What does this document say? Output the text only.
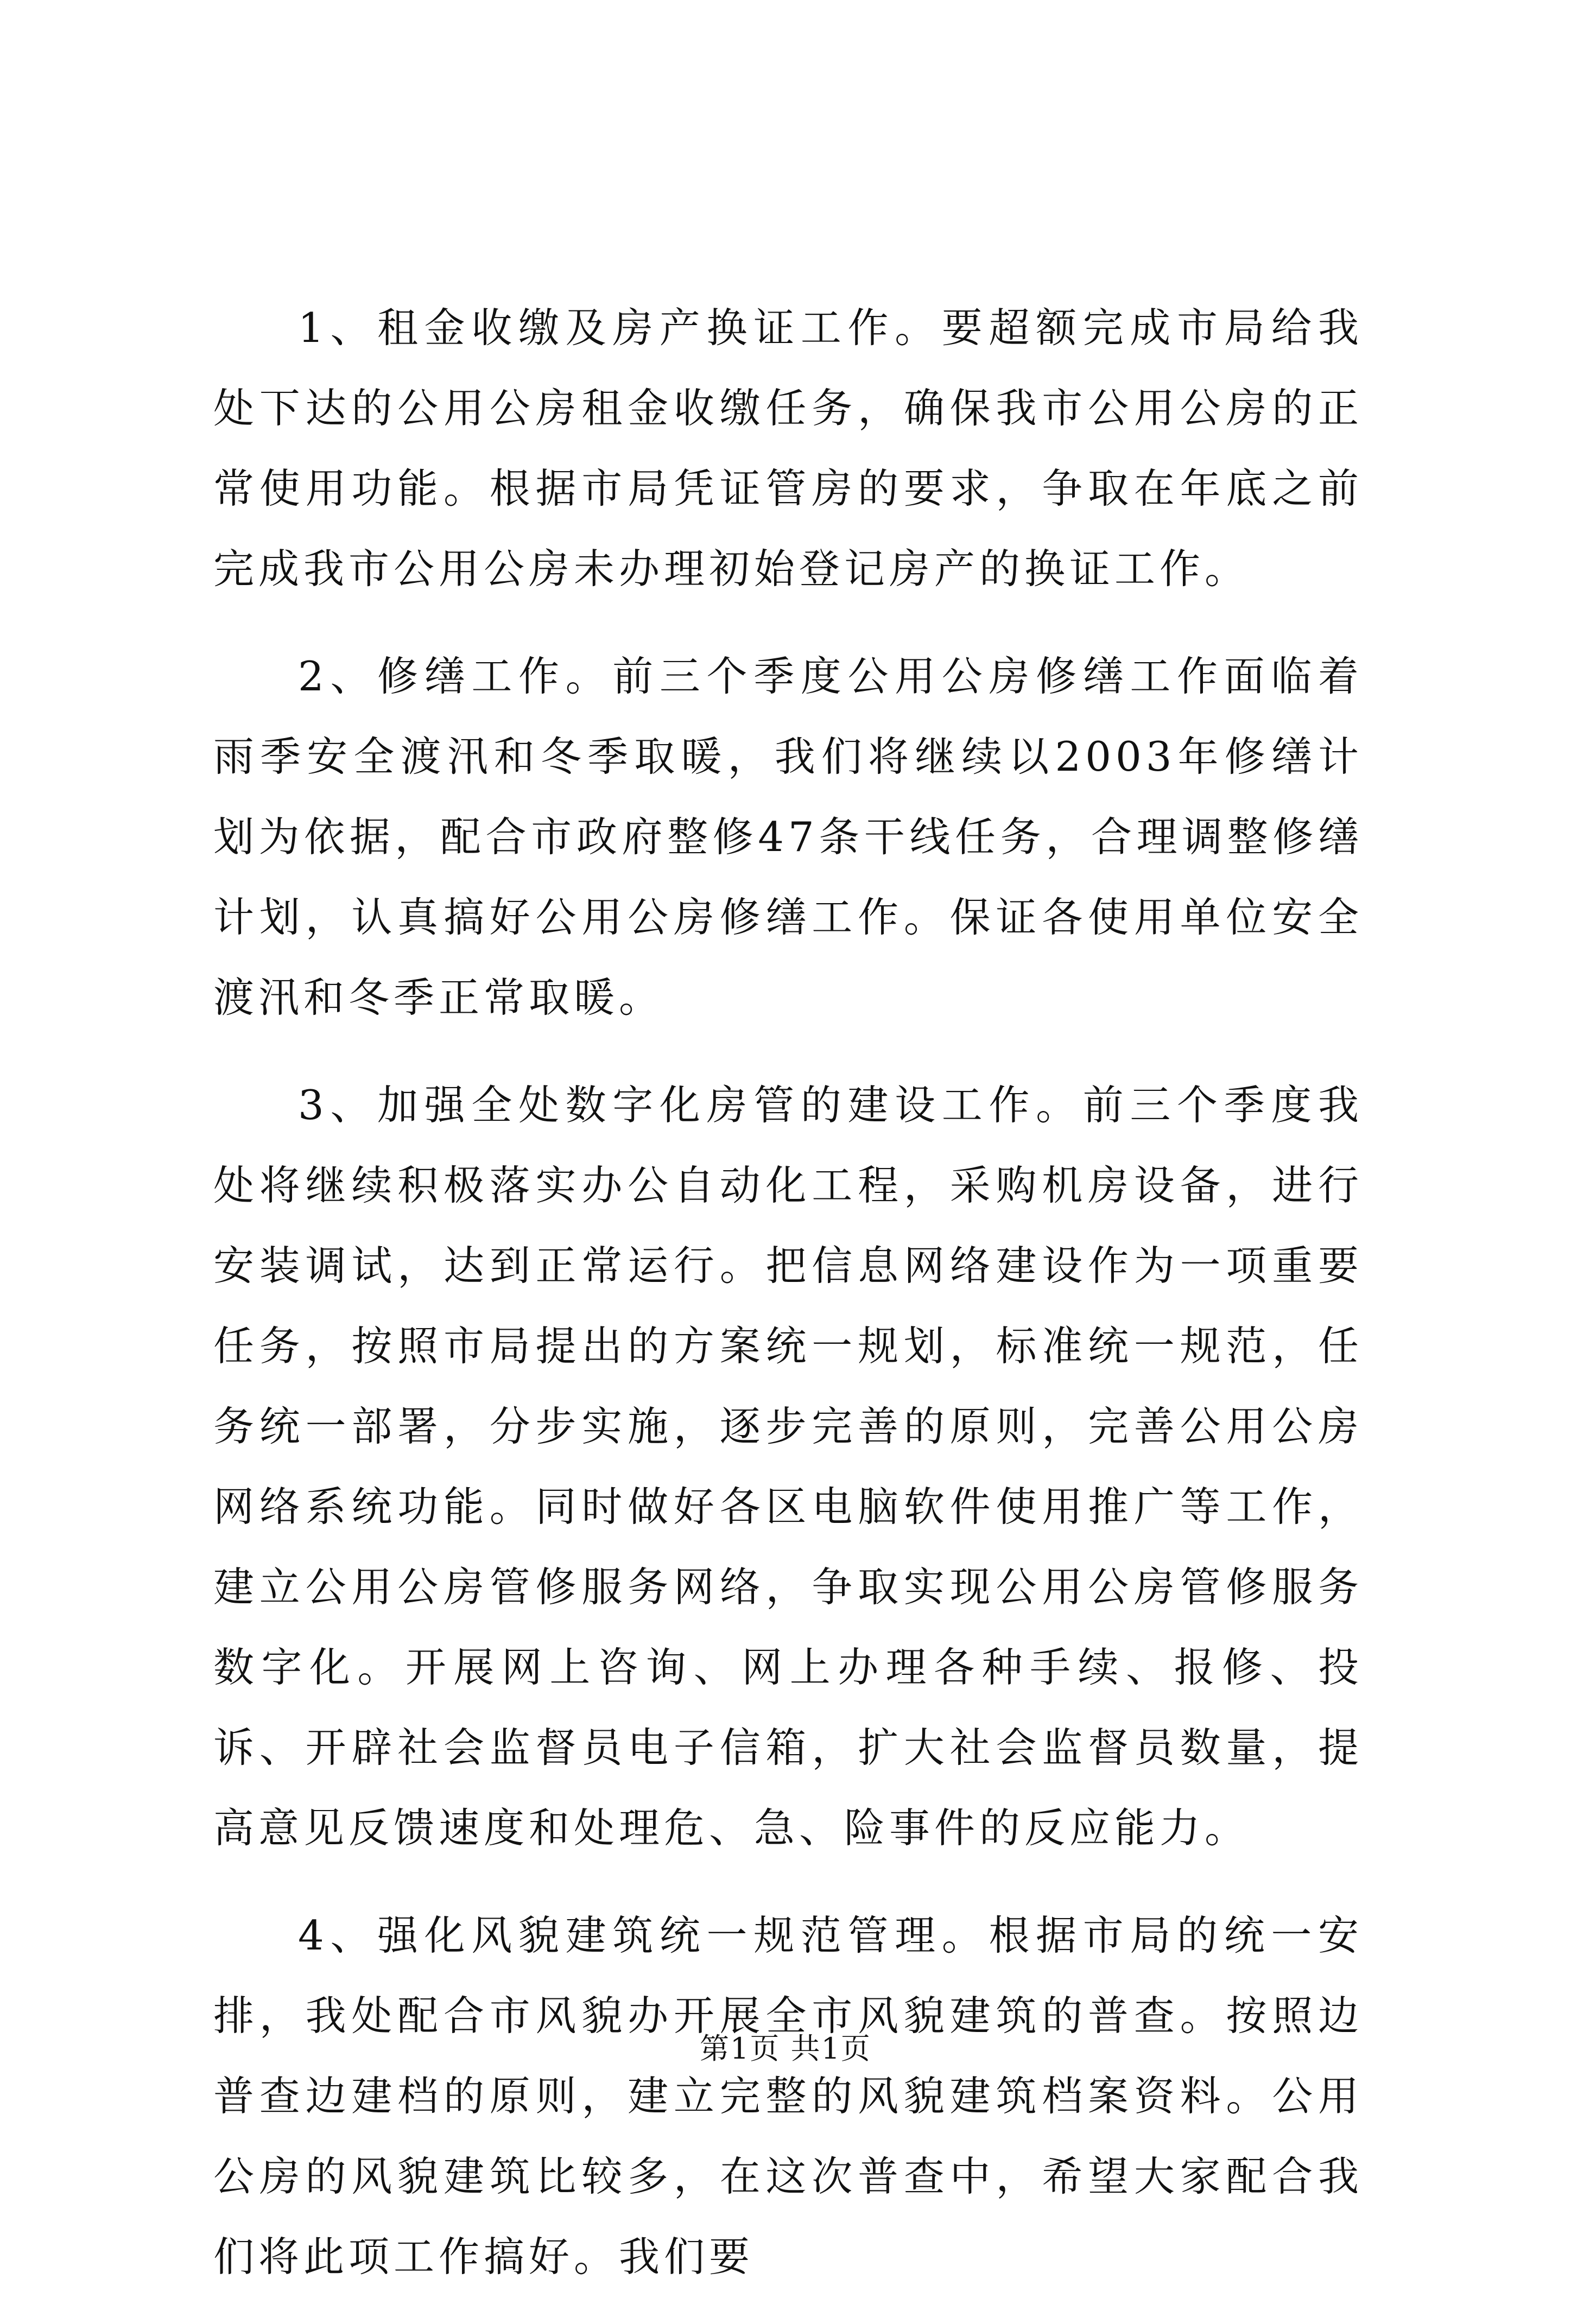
1、租金收缴及房产换证工作。要超额完成市局给我处下达的公用公房租金收缴任务，确保我市公用公房的正常使用功能。根据市局凭证管房的要求，争取在年底之前完成我市公用公房未办理初始登记房产的换证工作。

2、修缮工作。前三个季度公用公房修缮工作面临着雨季安全渡汛和冬季取暖，我们将继续以2003年修缮计划为依据，配合市政府整修47条干线任务，合理调整修缮计划，认真搞好公用公房修缮工作。保证各使用单位安全渡汛和冬季正常取暖。

3、加强全处数字化房管的建设工作。前三个季度我处将继续积极落实办公自动化工程，采购机房设备，进行安装调试，达到正常运行。把信息网络建设作为一项重要任务，按照市局提出的方案统一规划，标准统一规范，任务统一部署，分步实施，逐步完善的原则，完善公用公房网络系统功能。同时做好各区电脑软件使用推广等工作，建立公用公房管修服务网络，争取实现公用公房管修服务数字化。开展网上咨询、网上办理各种手续、报修、投诉、开辟社会监督员电子信箱，扩大社会监督员数量，提高意见反馈速度和处理危、急、险事件的反应能力。

4、强化风貌建筑统一规范管理。根据市局的统一安排，我处配合市风貌办开展全市风貌建筑的普查。按照边普查边建档的原则，建立完整的风貌建筑档案资料。公用公房的风貌建筑比较多，在这次普查中，希望大家配合我们将此项工作搞好。我们要

第1页 共1页
